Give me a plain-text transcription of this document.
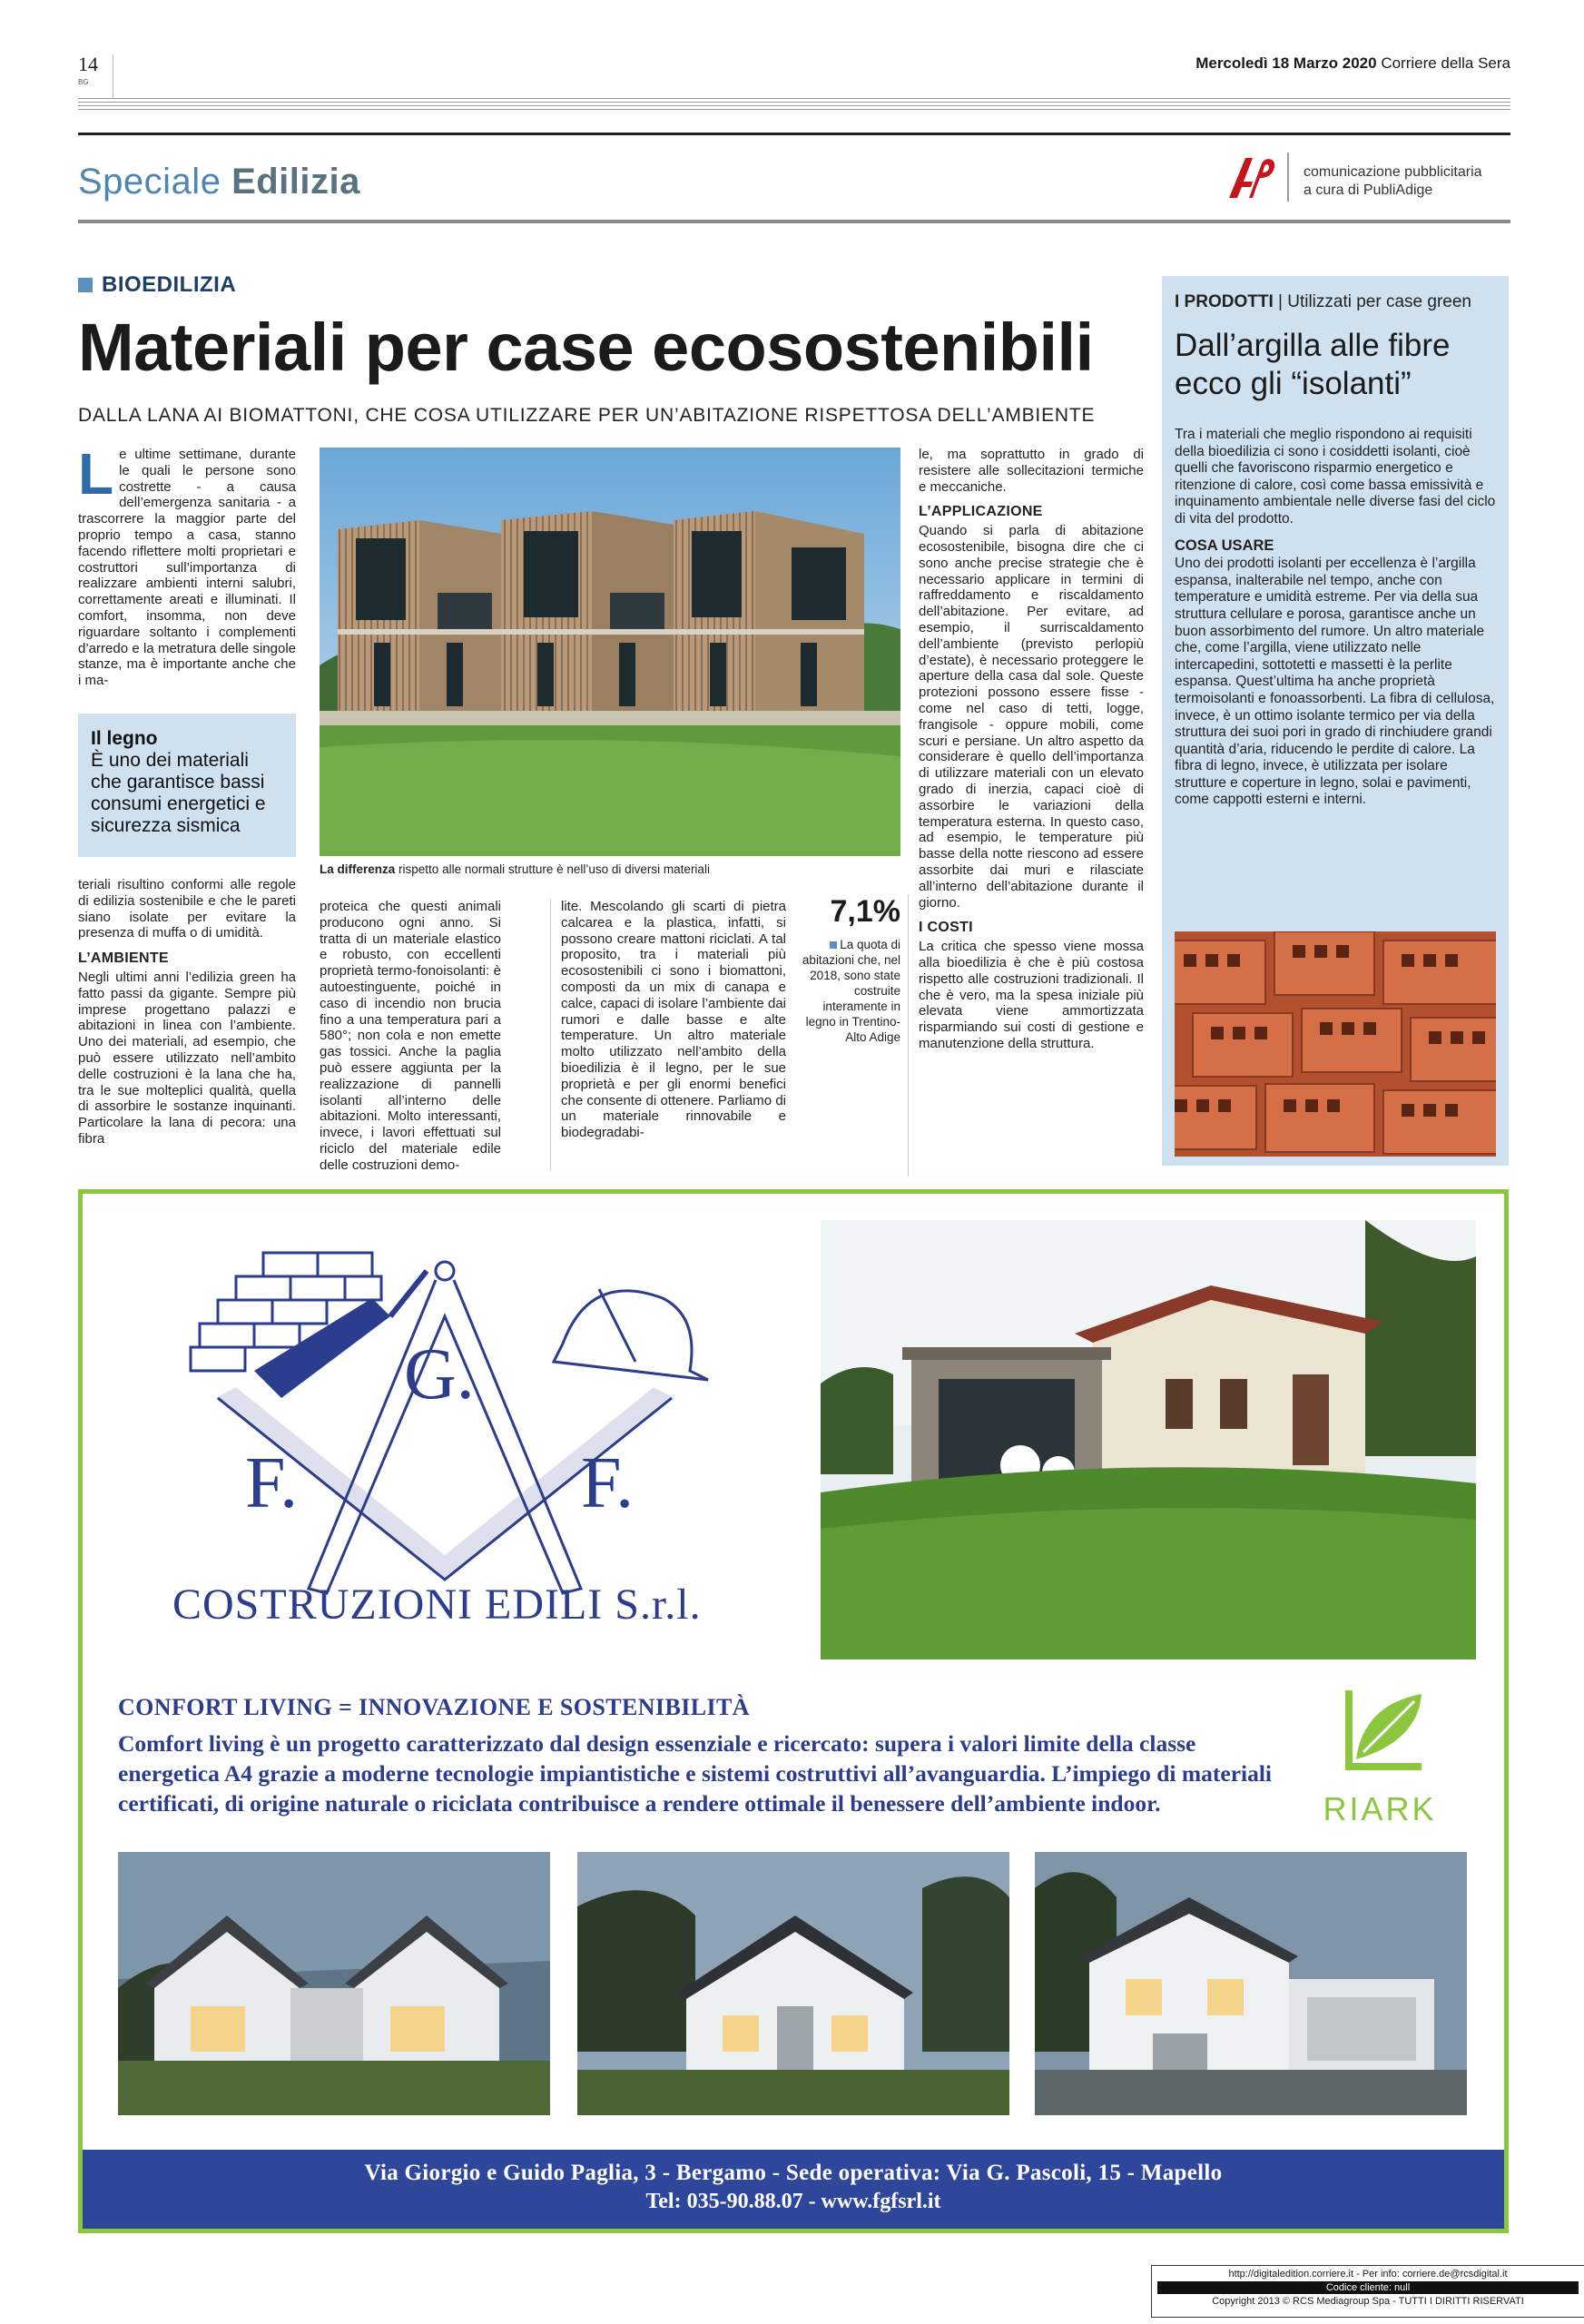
14
BG
Mercoledì 18 Marzo 2020 Corriere della Sera
Speciale Edilizia	comunicazione pubblicitaria
a cura di PubliAdige
BIOEDILIZIA
Materiali per case ecosostenibili
DALLA LANA AI BIOMATTONI, CHE COSA UTILIZZARE PER UN’ABITAZIONE RISPETTOSA DELL’AMBIENTE
L e ultime settimane, durante le quali le persone sono costrette - a causa dell’emergenza sanitaria - a trascorrere la maggior parte del proprio tempo a casa, stanno facendo riflettere molti proprietari e costruttori sull’importanza di realizzare ambienti interni salubri, correttamente areati e illuminati. Il comfort, insomma, non deve riguardare soltanto i complementi d’arredo e la metratura delle singole stanze, ma è importante anche che i ma-

Il legno
È uno dei materiali che garantisce bassi consumi energetici e sicurezza sismica

teriali risultino conformi alle regole di edilizia sostenibile e che le pareti siano isolate per evitare la presenza di muffa o di umidità.

L’AMBIENTE

Negli ultimi anni l’edilizia green ha fatto passi da gigante. Sempre più imprese progettano palazzi e abitazioni in linea con l’ambiente. Uno dei materiali, ad esempio, che può essere utilizzato nell’ambito delle costruzioni è la lana che ha, tra le sue molteplici qualità, quella di assorbire le sostanze inquinanti. Particolare la lana di pecora: una fibra

La differenza rispetto alle normali strutture è nell’uso di diversi materiali

proteica che questi animali producono ogni anno. Si tratta di un materiale elastico e robusto, con eccellenti proprietà termo-fonoisolanti: è autoestinguente, poiché in caso di incendio non brucia fino a una temperatura pari a 580°; non cola e non emette gas tossici. Anche la paglia può essere aggiunta per la realizzazione di pannelli isolanti all’interno delle abitazioni. Molto interessanti, invece, i lavori effettuati sul riciclo del materiale edile delle costruzioni demo-

lite. Mescolando gli scarti di pietra calcarea e la plastica, infatti, si possono creare mattoni riciclati. A tal proposito, tra i materiali più ecosostenibili ci sono i biomattoni, composti da un mix di canapa e calce, capaci di isolare l’ambiente dai rumori e dalle basse e alte temperature. Un altro materiale molto utilizzato nell’ambito della bioedilizia è il legno, per le sue proprietà e per gli enormi benefici che consente di ottenere. Parliamo di un materiale rinnovabile e biodegradabi-

7,1%
La quota di abitazioni che, nel 2018, sono state costruite interamente in legno in Trentino-Alto Adige

le, ma soprattutto in grado di resistere alle sollecitazioni termiche e meccaniche.

L’APPLICAZIONE

Quando si parla di abitazione ecosostenibile, bisogna dire che ci sono anche precise strategie che è necessario applicare in termini di raffreddamento e riscaldamento dell’abitazione. Per evitare, ad esempio, il surriscaldamento dell’ambiente (previsto perlopiù d’estate), è necessario proteggere le aperture della casa dal sole. Queste protezioni possono essere fisse - come nel caso di tetti, logge, frangisole - oppure mobili, come scuri e persiane. Un altro aspetto da considerare è quello dell’importanza di utilizzare materiali con un elevato grado di inerzia, capaci cioè di assorbire le variazioni della temperatura esterna. In questo caso, ad esempio, le temperature più basse della notte riescono ad essere assorbite dai muri e rilasciate all’interno dell’abitazione durante il giorno.

I COSTI

La critica che spesso viene mossa alla bioedilizia è che è più costosa rispetto alle costruzioni tradizionali. Il che è vero, ma la spesa iniziale più elevata viene ammortizzata risparmiando sui costi di gestione e manutenzione della struttura.

I PRODOTTI | Utilizzati per case green
Dall’argilla alle fibre ecco gli “isolanti”

Tra i materiali che meglio rispondono ai requisiti della bioedilizia ci sono i cosiddetti isolanti, cioè quelli che favoriscono risparmio energetico e ritenzione di calore, così come bassa emissività e inquinamento ambientale nelle diverse fasi del ciclo di vita del prodotto.

COSA USARE

Uno dei prodotti isolanti per eccellenza è l’argilla espansa, inalterabile nel tempo, anche con temperature e umidità estreme. Per via della sua struttura cellulare e porosa, garantisce anche un buon assorbimento del rumore. Un altro materiale che, come l’argilla, viene utilizzato nelle intercapedini, sottotetti e massetti è la perlite espansa. Quest’ultima ha anche proprietà termoisolanti e fonoassorbenti. La fibra di cellulosa, invece, è un ottimo isolante termico per via della struttura dei suoi pori in grado di rinchiudere grandi quantità d’aria, riducendo le perdite di calore. La fibra di legno, invece, è utilizzata per isolare strutture e coperture in legno, solai e pavimenti, come cappotti esterni e interni.

G.
F.	F.
COSTRUZIONI EDILI S.r.l.
CONFORT LIVING = INNOVAZIONE E SOSTENIBILITÀ
Comfort living è un progetto caratterizzato dal design essenziale e ricercato: supera i valori limite della classe energetica A4 grazie a moderne tecnologie impiantistiche e sistemi costruttivi all’avanguardia. L’impiego di materiali certificati, di origine naturale o riciclata contribuisce a rendere ottimale il benessere dell’ambiente indoor.	RIARK
Via Giorgio e Guido Paglia, 3 - Bergamo - Sede operativa: Via G. Pascoli, 15 - Mapello
Tel: 035-90.88.07 - www.fgfsrl.it
http://digitaledition.corriere.it - Per info: corriere.de@rcsdigital.it
Codice cliente: null
Copyright 2013 © RCS Mediagroup Spa - TUTTI I DIRITTI RISERVATI
